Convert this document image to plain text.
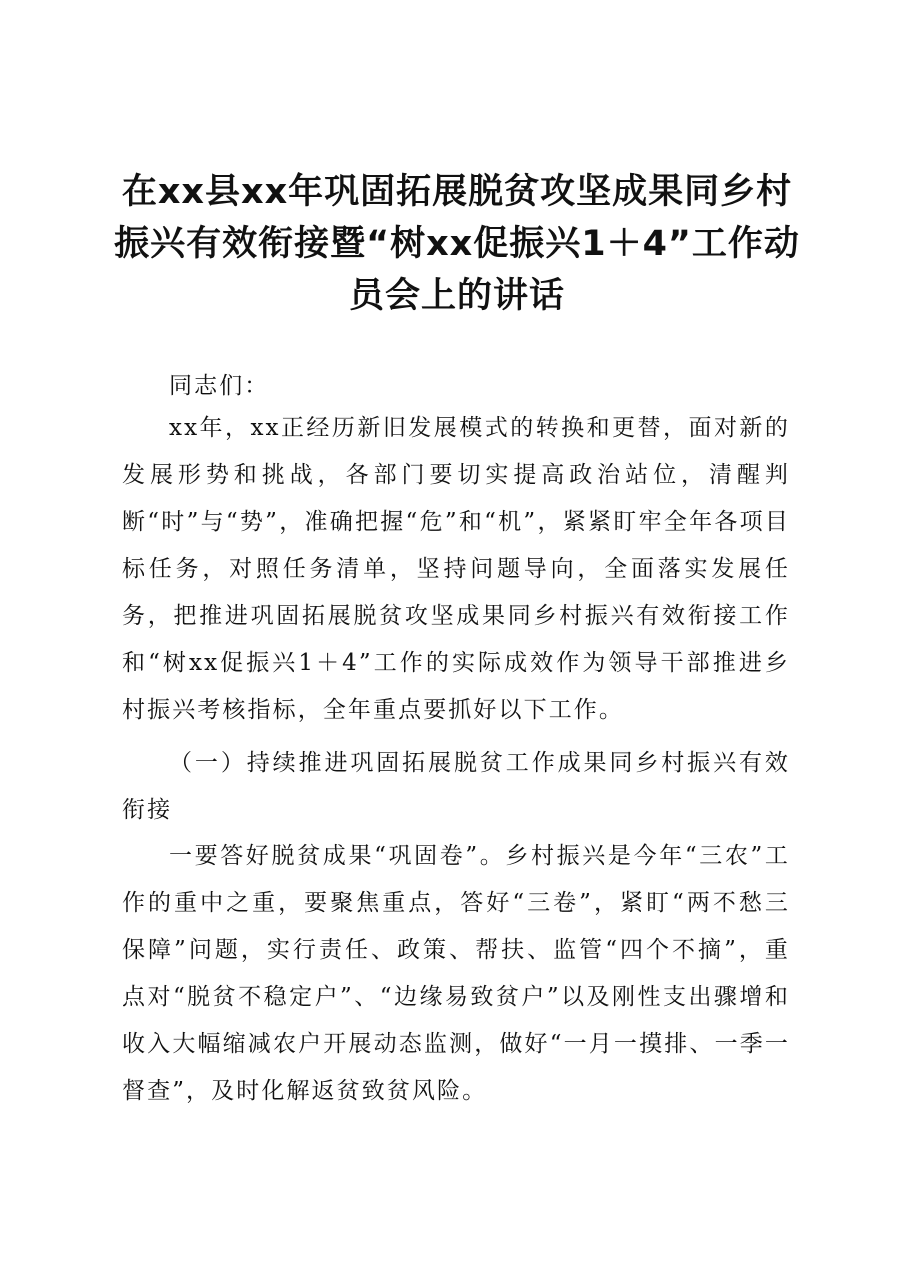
在xx县xx年巩固拓展脱贫攻坚成果同乡村振兴有效衔接暨“树xx促振兴1＋4”工作动员会上的讲话

同志们：

xx年，xx正经历新旧发展模式的转换和更替，面对新的发展形势和挑战，各部门要切实提高政治站位，清醒判断“时”与“势”，准确把握“危”和“机”，紧紧盯牢全年各项目标任务，对照任务清单，坚持问题导向，全面落实发展任务，把推进巩固拓展脱贫攻坚成果同乡村振兴有效衔接工作和“树xx促振兴1＋4”工作的实际成效作为领导干部推进乡村振兴考核指标，全年重点要抓好以下工作。

（一）持续推进巩固拓展脱贫工作成果同乡村振兴有效衔接

一要答好脱贫成果“巩固卷”。乡村振兴是今年“三农”工作的重中之重，要聚焦重点，答好“三卷”，紧盯“两不愁三保障”问题，实行责任、政策、帮扶、监管“四个不摘”，重点对“脱贫不稳定户”、“边缘易致贫户”以及刚性支出骤增和收入大幅缩减农户开展动态监测，做好“一月一摸排、一季一督查”，及时化解返贫致贫风险。
